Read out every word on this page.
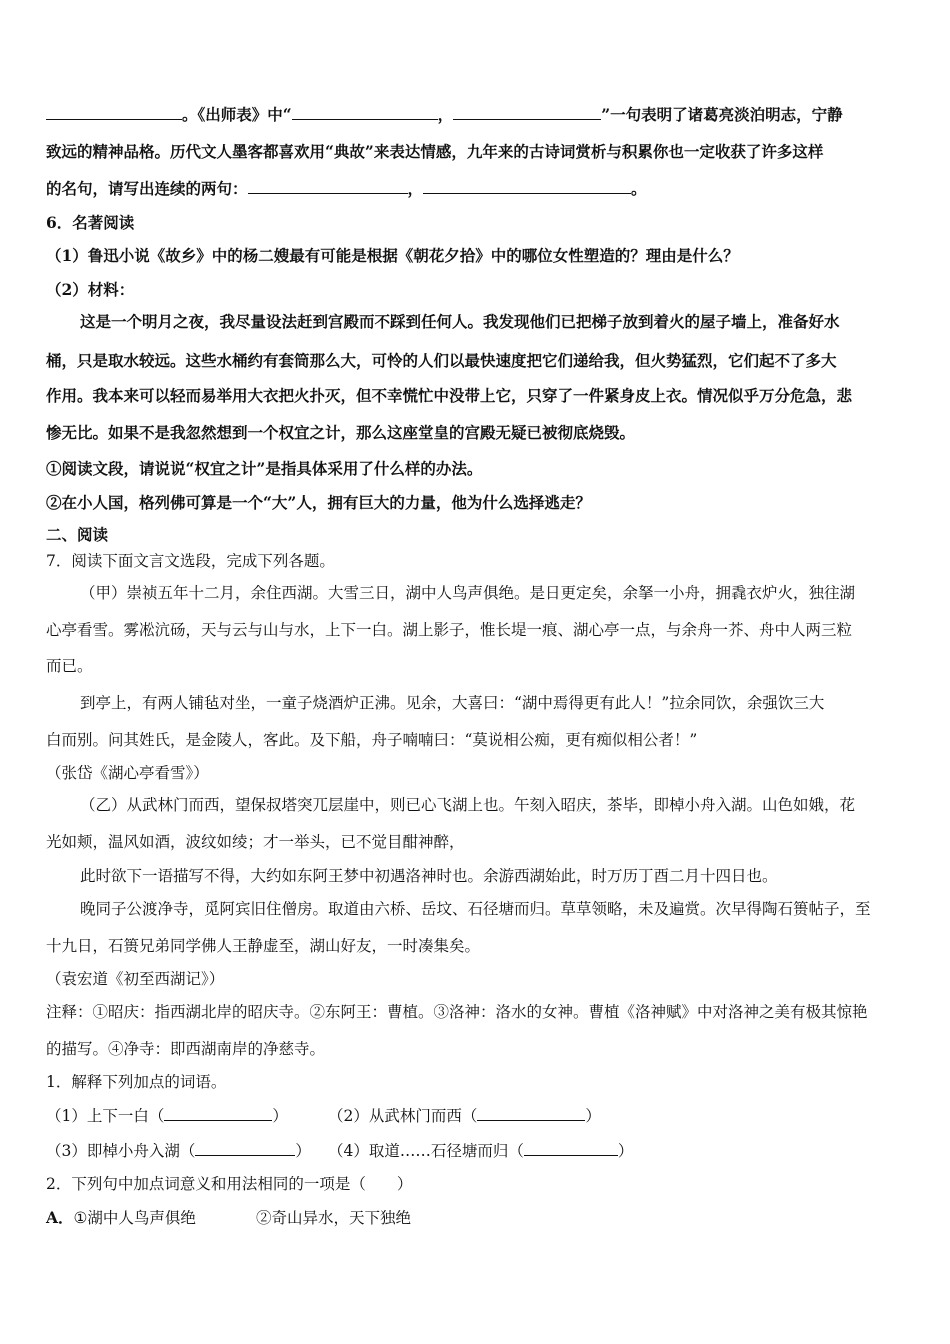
。《出师表》中“	，	”一句表明了诸葛亮淡泊明志，宁静
致远的精神品格。历代文人墨客都喜欢用“典故”来表达情感，九年来的古诗词赏析与积累你也一定收获了许多这样
的名句，请写出连续的两句：	，	。
6．名著阅读
（1）鲁迅小说《故乡》中的杨二嫂最有可能是根据《朝花夕拾》中的哪位女性塑造的？理由是什么？
（2）材料：
这是一个明月之夜，我尽量设法赶到宫殿而不踩到任何人。我发现他们已把梯子放到着火的屋子墙上，准备好水
桶，只是取水较远。这些水桶约有套筒那么大，可怜的人们以最快速度把它们递给我，但火势猛烈，它们起不了多大
作用。我本来可以轻而易举用大衣把火扑灭，但不幸慌忙中没带上它，只穿了一件紧身皮上衣。情况似乎万分危急，悲
惨无比。如果不是我忽然想到一个权宜之计，那么这座堂皇的宫殿无疑已被彻底烧毁。
①阅读文段，请说说“权宜之计”是指具体采用了什么样的办法。
②在小人国，格列佛可算是一个“大”人，拥有巨大的力量，他为什么选择逃走？
二、阅读
7．阅读下面文言文选段，完成下列各题。
（甲）崇祯五年十二月，余住西湖。大雪三日，湖中人鸟声俱绝。是日更定矣，余拏一小舟，拥毳衣炉火，独往湖
心亭看雪。雾凇沆砀，天与云与山与水，上下一白。湖上影子，惟长堤一痕、湖心亭一点，与余舟一芥、舟中人两三粒
而已。
到亭上，有两人铺毡对坐，一童子烧酒炉正沸。见余，大喜曰：“湖中焉得更有此人！”拉余同饮，余强饮三大
白而别。问其姓氏，是金陵人，客此。及下船，舟子喃喃曰：“莫说相公痴，更有痴似相公者！”
（张岱《湖心亭看雪》）
（乙）从武林门而西，望保叔塔突兀层崖中，则已心飞湖上也。午刻入昭庆，茶毕，即棹小舟入湖。山色如娥，花
光如颊，温风如酒，波纹如绫；才一举头，已不觉目酣神醉，
此时欲下一语描写不得，大约如东阿王梦中初遇洛神时也。余游西湖始此，时万历丁酉二月十四日也。
晚同子公渡净寺，觅阿宾旧住僧房。取道由六桥、岳坟、石径塘而归。草草领略，未及遍赏。次早得陶石篑帖子，至
十九日，石篑兄弟同学佛人王静虚至，湖山好友，一时凑集矣。
（袁宏道《初至西湖记》）
注释：①昭庆：指西湖北岸的昭庆寺。②东阿王：曹植。③洛神：洛水的女神。曹植《洛神赋》中对洛神之美有极其惊艳
的描写。④净寺：即西湖南岸的净慈寺。
1．解释下列加点的词语。
（1）上下一白（	）	（2）从武林门而西（	）
（3）即棹小舟入湖（	） （4）取道……石径塘而归（	）
2．下列句中加点词意义和用法相同的一项是（　　）
A．①湖中人鸟声俱绝	②奇山异水，天下独绝
